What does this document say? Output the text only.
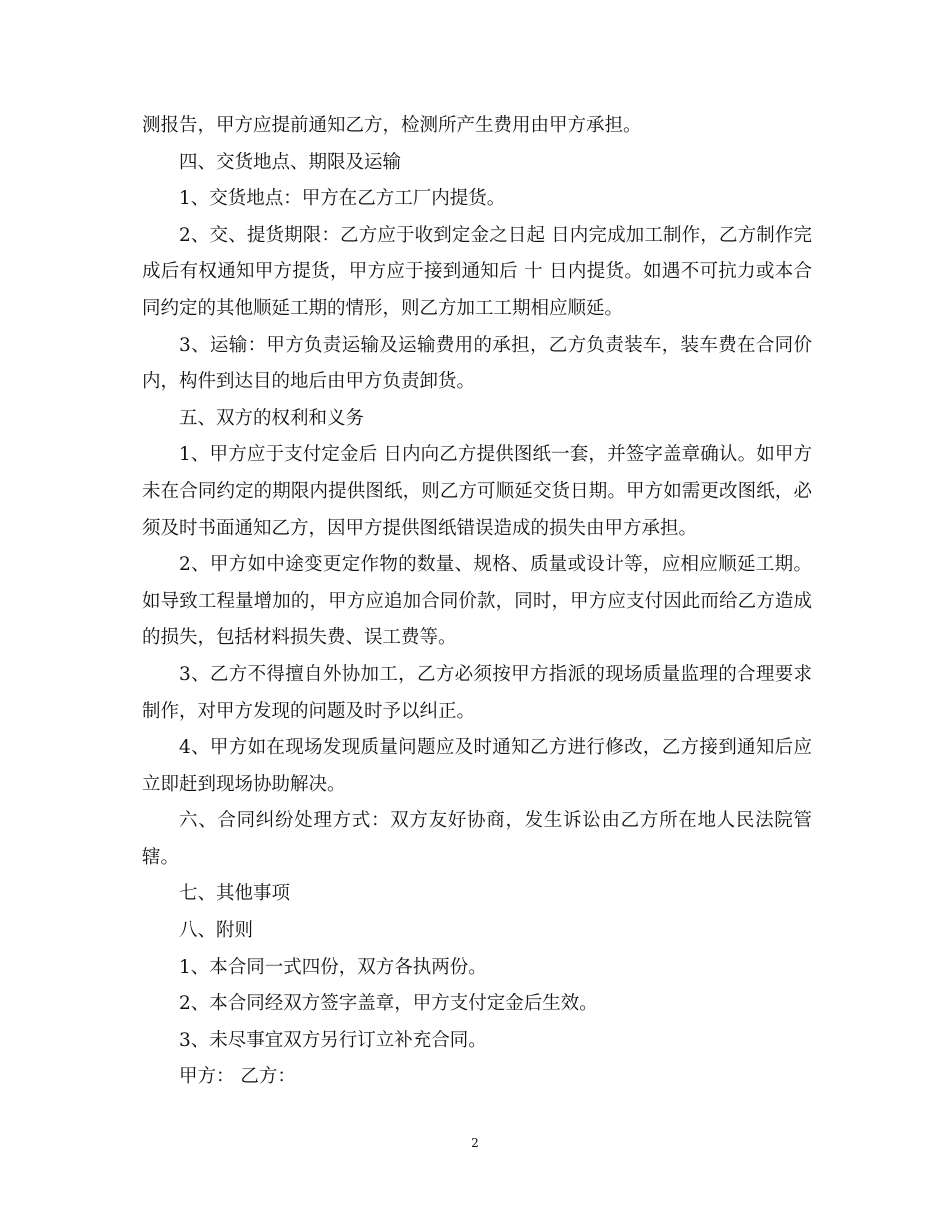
测报告，甲方应提前通知乙方，检测所产生费用由甲方承担。

四、交货地点、期限及运输

1、交货地点：甲方在乙方工厂内提货。

2、交、提货期限：乙方应于收到定金之日起 日内完成加工制作，乙方制作完成后有权通知甲方提货，甲方应于接到通知后 十 日内提货。如遇不可抗力或本合同约定的其他顺延工期的情形，则乙方加工工期相应顺延。

3、运输：甲方负责运输及运输费用的承担，乙方负责装车，装车费在合同价内，构件到达目的地后由甲方负责卸货。

五、双方的权利和义务

1、甲方应于支付定金后 日内向乙方提供图纸一套，并签字盖章确认。如甲方未在合同约定的期限内提供图纸，则乙方可顺延交货日期。甲方如需更改图纸，必须及时书面通知乙方，因甲方提供图纸错误造成的损失由甲方承担。

2、甲方如中途变更定作物的数量、规格、质量或设计等，应相应顺延工期。如导致工程量增加的，甲方应追加合同价款，同时，甲方应支付因此而给乙方造成的损失，包括材料损失费、误工费等。

3、乙方不得擅自外协加工，乙方必须按甲方指派的现场质量监理的合理要求制作，对甲方发现的问题及时予以纠正。

4、甲方如在现场发现质量问题应及时通知乙方进行修改，乙方接到通知后应立即赶到现场协助解决。

六、合同纠纷处理方式：双方友好协商，发生诉讼由乙方所在地人民法院管辖。

七、其他事项

八、附则

1、本合同一式四份，双方各执两份。

2、本合同经双方签字盖章，甲方支付定金后生效。

3、未尽事宜双方另行订立补充合同。

甲方： 乙方：

2
